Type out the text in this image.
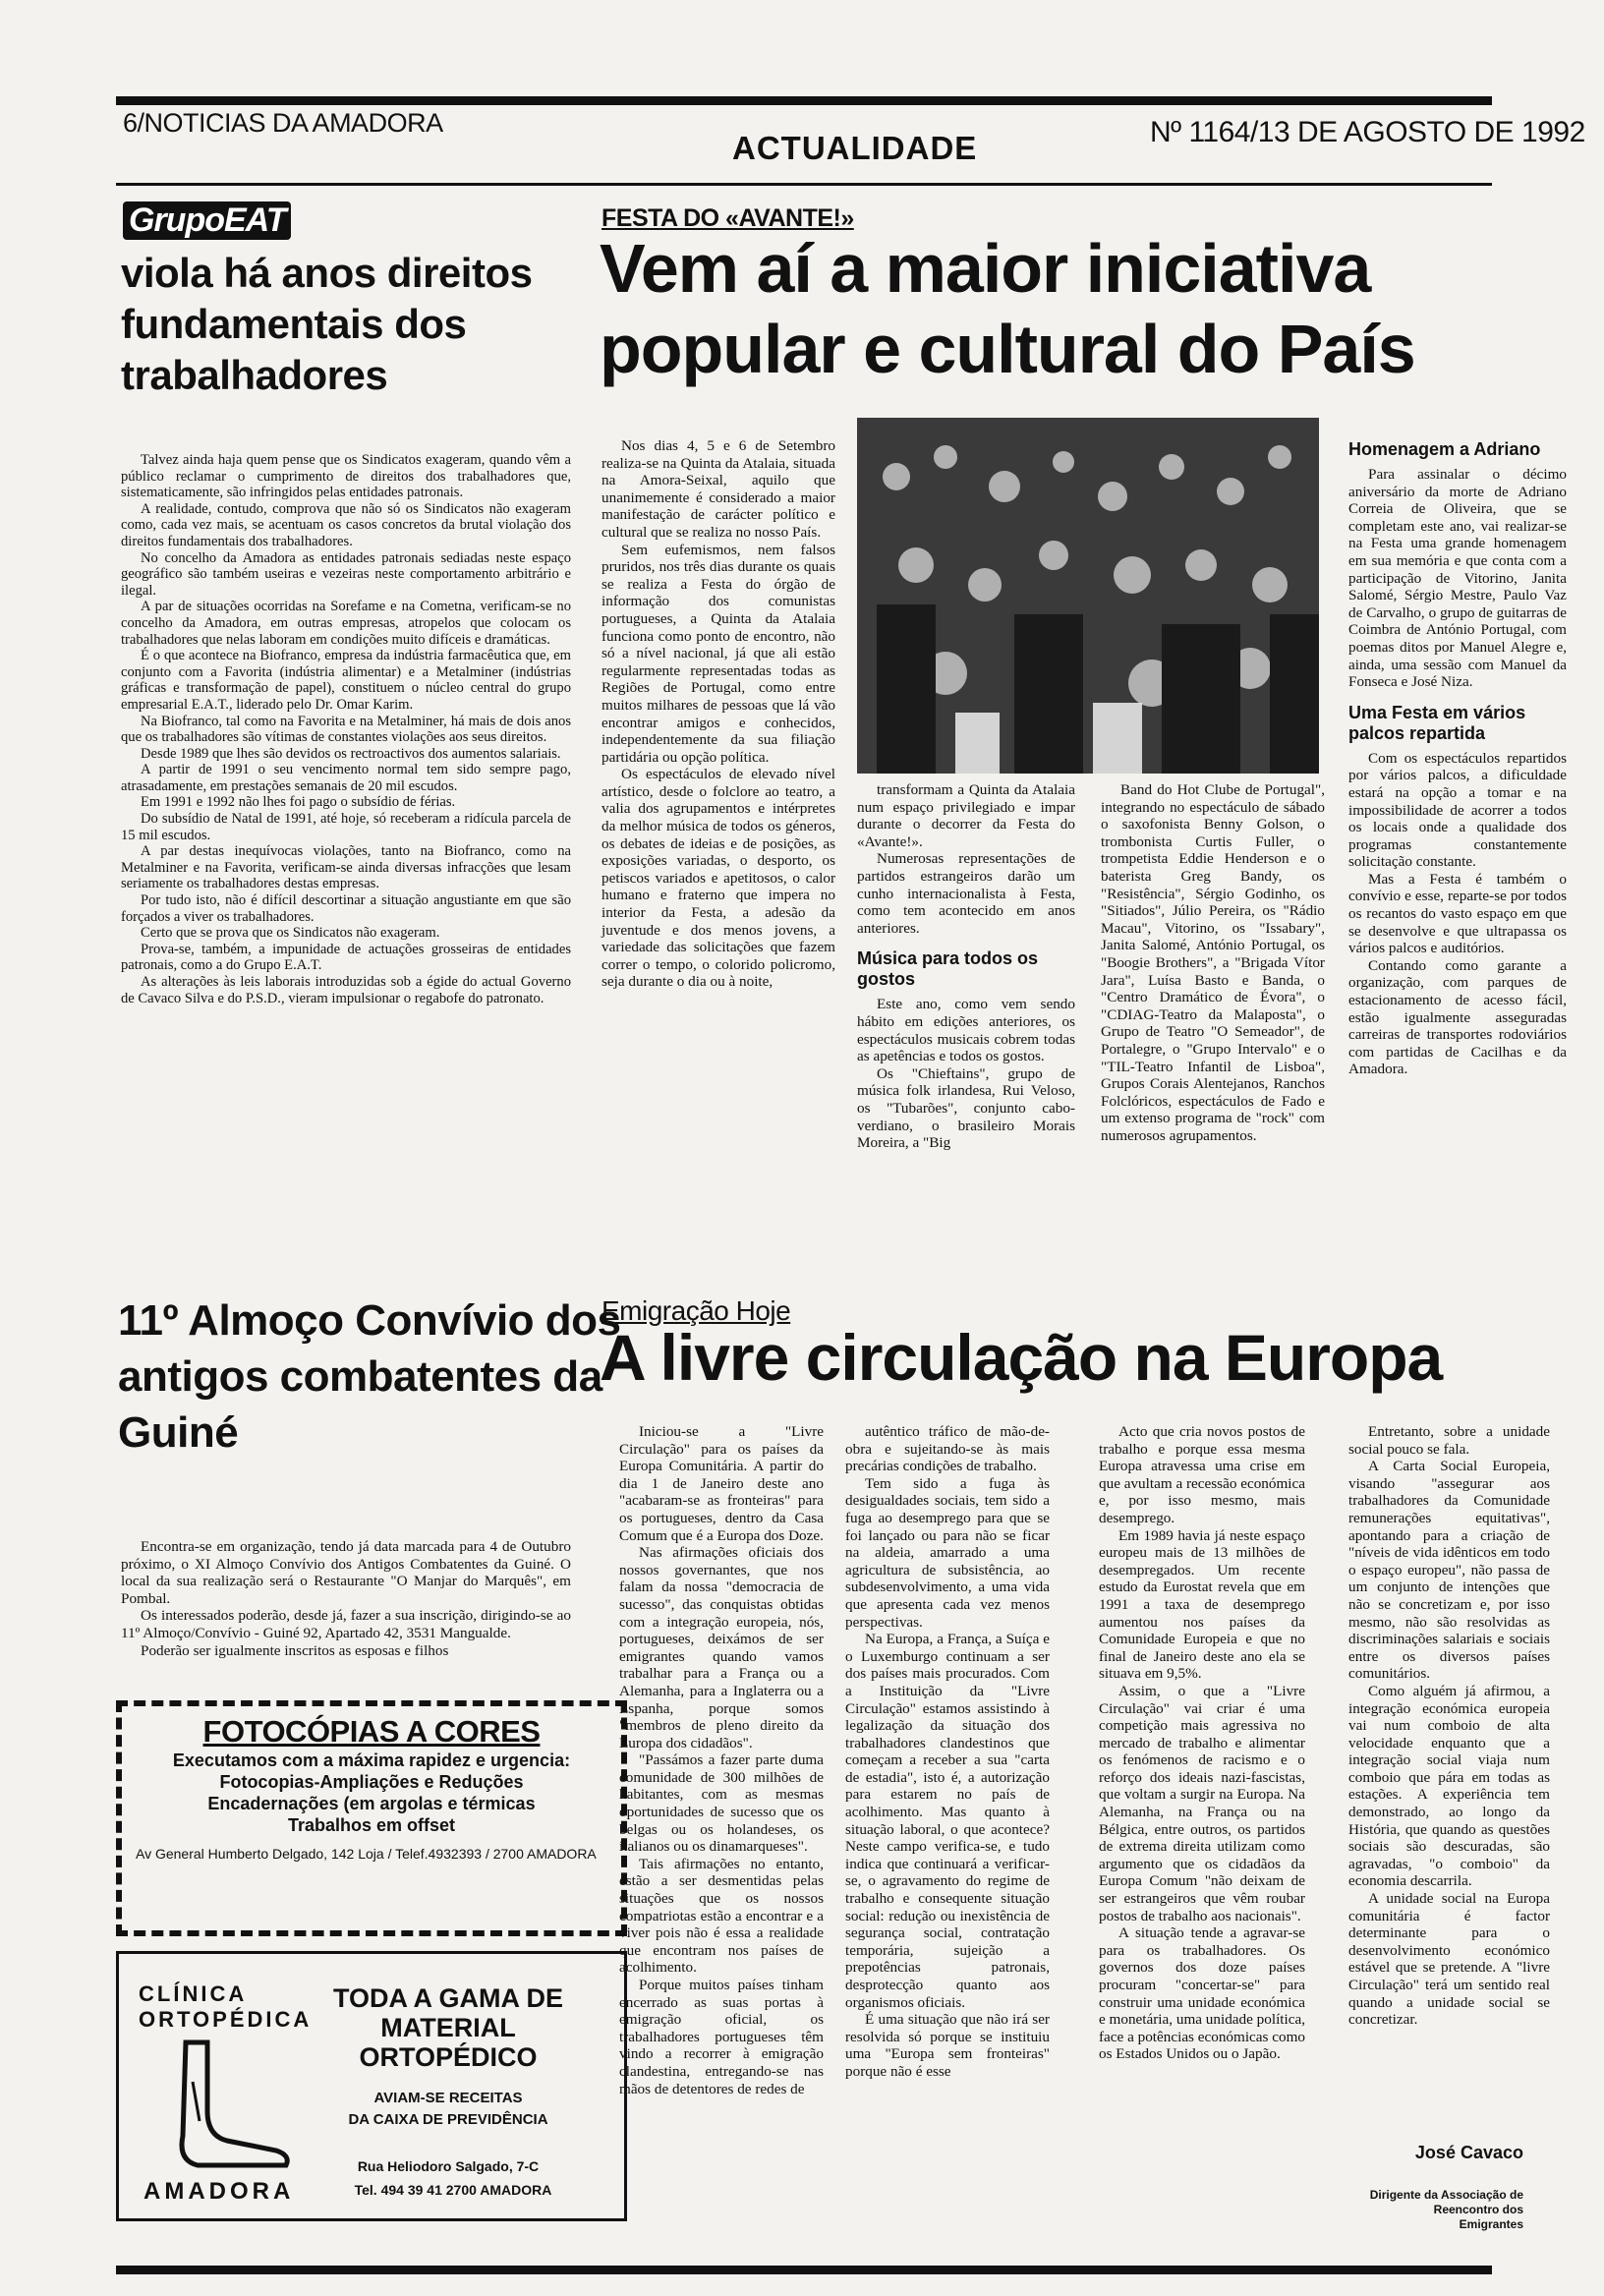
6/NOTICIAS DA AMADORA
ACTUALIDADE	Nº 1164/13 DE AGOSTO DE 1992
GrupoEAT
viola há anos direitos fundamentais dos trabalhadores

Talvez ainda haja quem pense que os Sindicatos exageram, quando vêm a público reclamar o cumprimento de direitos dos trabalhadores que, sistematicamente, são infringidos pelas entidades patronais.

A realidade, contudo, comprova que não só os Sindicatos não exageram como, cada vez mais, se acentuam os casos concretos da brutal violação dos direitos fundamentais dos trabalhadores.

No concelho da Amadora as entidades patronais sediadas neste espaço geográfico são também useiras e vezeiras neste comportamento arbitrário e ilegal.

A par de situações ocorridas na Sorefame e na Cometna, verificam-se no concelho da Amadora, em outras empresas, atropelos que colocam os trabalhadores que nelas laboram em condições muito difíceis e dramáticas.

É o que acontece na Biofranco, empresa da indústria farmacêutica que, em conjunto com a Favorita (indústria alimentar) e a Metalminer (indústrias gráficas e transformação de papel), constituem o núcleo central do grupo empresarial E.A.T., liderado pelo Dr. Omar Karim.

Na Biofranco, tal como na Favorita e na Metalminer, há mais de dois anos que os trabalhadores são vítimas de constantes violações aos seus direitos.

Desde 1989 que lhes são devidos os rectroactivos dos aumentos salariais.

A partir de 1991 o seu vencimento normal tem sido sempre pago, atrasadamente, em prestações semanais de 20 mil escudos.

Em 1991 e 1992 não lhes foi pago o subsídio de férias.

Do subsídio de Natal de 1991, até hoje, só receberam a ridícula parcela de 15 mil escudos.

A par destas inequívocas violações, tanto na Biofranco, como na Metalminer e na Favorita, verificam-se ainda diversas infracções que lesam seriamente os trabalhadores destas empresas.

Por tudo isto, não é difícil descortinar a situação angustiante em que são forçados a viver os trabalhadores.

Certo que se prova que os Sindicatos não exageram.

Prova-se, também, a impunidade de actuações grosseiras de entidades patronais, como a do Grupo E.A.T.

As alterações às leis laborais introduzidas sob a égide do actual Governo de Cavaco Silva e do P.S.D., vieram impulsionar o regabofe do patronato.

FESTA DO «AVANTE!»
Vem aí a maior iniciativa popular e cultural do País

Nos dias 4, 5 e 6 de Setembro realiza-se na Quinta da Atalaia, situada na Amora-Seixal, aquilo que unanimemente é considerado a maior manifestação de carácter político e cultural que se realiza no nosso País.

Sem eufemismos, nem falsos pruridos, nos três dias durante os quais se realiza a Festa do órgão de informação dos comunistas portugueses, a Quinta da Atalaia funciona como ponto de encontro, não só a nível nacional, já que ali estão regularmente representadas todas as Regiões de Portugal, como entre muitos milhares de pessoas que lá vão encontrar amigos e conhecidos, independentemente da sua filiação partidária ou opção política.

Os espectáculos de elevado nível artístico, desde o folclore ao teatro, a valia dos agrupamentos e intérpretes da melhor música de todos os géneros, os debates de ideias e de posições, as exposições variadas, o desporto, os petiscos variados e apetitosos, o calor humano e fraterno que impera no interior da Festa, a adesão da juventude e dos menos jovens, a variedade das solicitações que fazem correr o tempo, o colorido policromo, seja durante o dia ou à noite,

transformam a Quinta da Atalaia num espaço privilegiado e impar durante o decorrer da Festa do «Avante!».

Numerosas representações de partidos estrangeiros darão um cunho internacionalista à Festa, como tem acontecido em anos anteriores.

Música para todos os gostos

Este ano, como vem sendo hábito em edições anteriores, os espectáculos musicais cobrem todas as apetências e todos os gostos.

Os "Chieftains", grupo de música folk irlandesa, Rui Veloso, os "Tubarões", conjunto cabo-verdiano, o brasileiro Morais Moreira, a "Big

Band do Hot Clube de Portugal", integrando no espectáculo de sábado o saxofonista Benny Golson, o trombonista Curtis Fuller, o trompetista Eddie Henderson e o baterista Greg Bandy, os "Resistência", Sérgio Godinho, os "Sitiados", Júlio Pereira, os "Rádio Macau", Vitorino, os "Issabary", Janita Salomé, António Portugal, os "Boogie Brothers", a "Brigada Vítor Jara", Luísa Basto e Banda, o "Centro Dramático de Évora", o "CDIAG-Teatro da Malaposta", o Grupo de Teatro "O Semeador", de Portalegre, o "Grupo Intervalo" e o "TIL-Teatro Infantil de Lisboa", Grupos Corais Alentejanos, Ranchos Folclóricos, espectáculos de Fado e um extenso programa de "rock" com numerosos agrupamentos.

Homenagem a Adriano

Para assinalar o décimo aniversário da morte de Adriano Correia de Oliveira, que se completam este ano, vai realizar-se na Festa uma grande homenagem em sua memória e que conta com a participação de Vitorino, Janita Salomé, Sérgio Mestre, Paulo Vaz de Carvalho, o grupo de guitarras de Coimbra de António Portugal, com poemas ditos por Manuel Alegre e, ainda, uma sessão com Manuel da Fonseca e José Niza.

Uma Festa em vários palcos repartida

Com os espectáculos repartidos por vários palcos, a dificuldade estará na opção a tomar e na impossibilidade de acorrer a todos os locais onde a qualidade dos programas constantemente solicitação constante.

Mas a Festa é também o convívio e esse, reparte-se por todos os recantos do vasto espaço em que se desenvolve e que ultrapassa os vários palcos e auditórios.

Contando como garante a organização, com parques de estacionamento de acesso fácil, estão igualmente asseguradas carreiras de transportes rodoviários com partidas de Cacilhas e da Amadora.

11º Almoço Convívio dos antigos combatentes da Guiné

Encontra-se em organização, tendo já data marcada para 4 de Outubro próximo, o XI Almoço Convívio dos Antigos Combatentes da Guiné. O local da sua realização será o Restaurante "O Manjar do Marquês", em Pombal.

Os interessados poderão, desde já, fazer a sua inscrição, dirigindo-se ao 11º Almoço/Convívio - Guiné 92, Apartado 42, 3531 Mangualde.

Poderão ser igualmente inscritos as esposas e filhos

FOTOCÓPIAS A CORES
Executamos com a máxima rapidez e urgencia:
Fotocopias-Ampliações e Reduções
Encadernações (em argolas e térmicas
Trabalhos em offset
Av General Humberto Delgado, 142 Loja / Telef.4932393 / 2700 AMADORA
CLÍNICA ORTOPÉDICA
AMADORA
TODA A GAMA DE MATERIAL ORTOPÉDICO
AVIAM-SE RECEITAS
DA CAIXA DE PREVIDÊNCIA
Rua Heliodoro Salgado, 7-C
Tel. 494 39 41 2700 AMADORA
Emigração Hoje
A livre circulação na Europa

Iniciou-se a "Livre Circulação" para os países da Europa Comunitária. A partir do dia 1 de Janeiro deste ano "acabaram-se as fronteiras" para os portugueses, dentro da Casa Comum que é a Europa dos Doze.

Nas afirmações oficiais dos nossos governantes, que nos falam da nossa "democracia de sucesso", das conquistas obtidas com a integração europeia, nós, portugueses, deixámos de ser emigrantes quando vamos trabalhar para a França ou a Alemanha, para a Inglaterra ou a Espanha, porque somos "membros de pleno direito da Europa dos cidadãos".

"Passámos a fazer parte duma comunidade de 300 milhões de habitantes, com as mesmas oportunidades de sucesso que os belgas ou os holandeses, os italianos ou os dinamarqueses".

Tais afirmações no entanto, estão a ser desmentidas pelas situações que os nossos compatriotas estão a encontrar e a viver pois não é essa a realidade que encontram nos países de acolhimento.

Porque muitos países tinham encerrado as suas portas à emigração oficial, os trabalhadores portugueses têm vindo a recorrer à emigração clandestina, entregando-se nas mãos de detentores de redes de

autêntico tráfico de mão-de-obra e sujeitando-se às mais precárias condições de trabalho.

Tem sido a fuga às desigualdades sociais, tem sido a fuga ao desemprego para que se foi lançado ou para não se ficar na aldeia, amarrado a uma agricultura de subsistência, ao subdesenvolvimento, a uma vida que apresenta cada vez menos perspectivas.

Na Europa, a França, a Suíça e o Luxemburgo continuam a ser dos países mais procurados. Com a Instituição da "Livre Circulação" estamos assistindo à legalização da situação dos trabalhadores clandestinos que começam a receber a sua "carta de estadia", isto é, a autorização para estarem no país de acolhimento. Mas quanto à situação laboral, o que acontece? Neste campo verifica-se, e tudo indica que continuará a verificar-se, o agravamento do regime de trabalho e consequente situação social: redução ou inexistência de segurança social, contratação temporária, sujeição a prepotências patronais, desprotecção quanto aos organismos oficiais.

É uma situação que não irá ser resolvida só porque se instituiu uma "Europa sem fronteiras" porque não é esse

Acto que cria novos postos de trabalho e porque essa mesma Europa atravessa uma crise em que avultam a recessão económica e, por isso mesmo, mais desemprego.

Em 1989 havia já neste espaço europeu mais de 13 milhões de desempregados. Um recente estudo da Eurostat revela que em 1991 a taxa de desemprego aumentou nos países da Comunidade Europeia e que no final de Janeiro deste ano ela se situava em 9,5%.

Assim, o que a "Livre Circulação" vai criar é uma competição mais agressiva no mercado de trabalho e alimentar os fenómenos de racismo e o reforço dos ideais nazi-fascistas, que voltam a surgir na Europa. Na Alemanha, na França ou na Bélgica, entre outros, os partidos de extrema direita utilizam como argumento que os cidadãos da Europa Comum "não deixam de ser estrangeiros que vêm roubar postos de trabalho aos nacionais".

A situação tende a agravar-se para os trabalhadores. Os governos dos doze países procuram "concertar-se" para construir uma unidade económica e monetária, uma unidade política, face a potências económicas como os Estados Unidos ou o Japão.

Entretanto, sobre a unidade social pouco se fala.

A Carta Social Europeia, visando "assegurar aos trabalhadores da Comunidade remunerações equitativas", apontando para a criação de "níveis de vida idênticos em todo o espaço europeu", não passa de um conjunto de intenções que não se concretizam e, por isso mesmo, não são resolvidas as discriminações salariais e sociais entre os diversos países comunitários.

Como alguém já afirmou, a integração económica europeia vai num comboio de alta velocidade enquanto que a integração social viaja num comboio que pára em todas as estações. A experiência tem demonstrado, ao longo da História, que quando as questões sociais são descuradas, são agravadas, "o comboio" da economia descarrila.

A unidade social na Europa comunitária é factor determinante para o desenvolvimento económico estável que se pretende. A "livre Circulação" terá um sentido real quando a unidade social se concretizar.

José Cavaco
Dirigente da Associação de Reencontro dos Emigrantes
